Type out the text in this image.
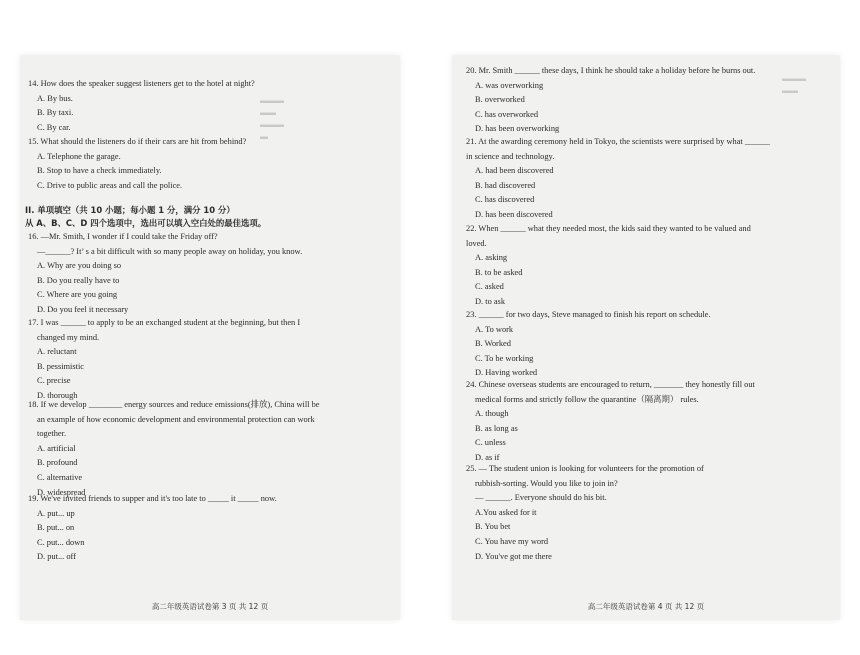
▬▬▬
▬▬
▬▬▬
▬
14. How does the speaker suggest listeners get to the hotel at night?
A. By bus.
B. By taxi.
C. By car.
15. What should the listeners do if their cars are hit from behind?
A. Telephone the garage.
B. Stop to have a check immediately.
C. Drive to public areas and call the police.
II. 单项填空（共 10 小题；每小题 1 分，满分 10 分）
从 A、B、C、D 四个选项中，选出可以填入空白处的最佳选项。
16. —Mr. Smith, I wonder if I could take the Friday off?
—______? It’ s a bit difficult with so many people away on holiday, you know.
A. Why are you doing so
B. Do you really have to
C. Where are you going
D. Do you feel it necessary
17. I was ______ to apply to be an exchanged student at the beginning, but then I
changed my mind.
A. reluctant
B. pessimistic
C. precise
D. thorough
18. If we develop ________ energy sources and reduce emissions(排放), China will be
an example of how economic development and environmental protection can work
together.
A. artificial
B. profound
C. alternative
D. widespread
19. We've invited friends to supper and it's too late to _____ it _____ now.
A. put... up
B. put... on
C. put... down
D. put... off
高二年级英语试卷第 3 页 共 12 页
▬▬▬
▬▬
20. Mr. Smith ______ these days, I think he should take a holiday before he burns out.
A. was overworking
B. overworked
C. has overworked
D. has been overworking
21. At the awarding ceremony held in Tokyo, the scientists were surprised by what ______
in science and technology.
A. had been discovered
B. had discovered
C. has discovered
D. has been discovered
22. When ______ what they needed most, the kids said they wanted to be valued and
loved.
A. asking
B. to be asked
C. asked
D. to ask
23. ______ for two days, Steve managed to finish his report on schedule.
A. To work
B. Worked
C. To be working
D. Having worked
24. Chinese overseas students are encouraged to return, _______ they honestly fill out
medical forms and strictly follow the quarantine（隔离期） rules.
A. though
B. as long as
C. unless
D. as if
25. — The student union is looking for volunteers for the promotion of
rubbish-sorting. Would you like to join in?
— ______. Everyone should do his bit.
A.You asked for it
B. You bet
C. You have my word
D. You've got me there
高二年级英语试卷第 4 页 共 12 页
